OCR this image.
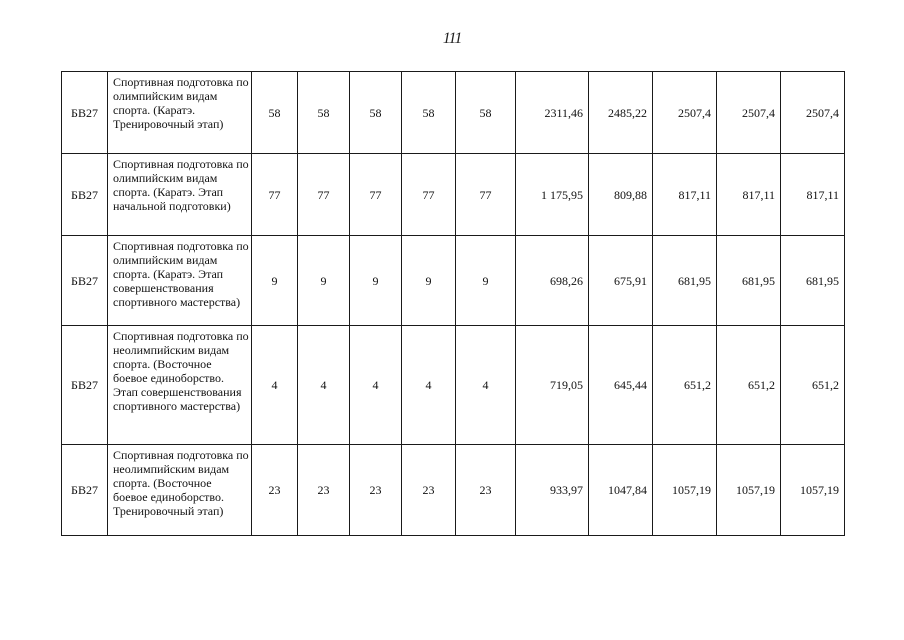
111
БВ27	Спортивная подготовка по олимпийским видам спорта. (Каратэ. Тренировочный этап)	58	58	58	58	58	2311,46	2485,22	2507,4	2507,4	2507,4
БВ27	Спортивная подготовка по олимпийским видам спорта. (Каратэ. Этап начальной подготовки)	77	77	77	77	77	1 175,95	809,88	817,11	817,11	817,11
БВ27	Спортивная подготовка по олимпийским видам спорта. (Каратэ. Этап совершенствования спортивного мастерства)	9	9	9	9	9	698,26	675,91	681,95	681,95	681,95
БВ27	Спортивная подготовка по неолимпийским видам спорта. (Восточное боевое единоборство. Этап совершенствования спортивного мастерства)	4	4	4	4	4	719,05	645,44	651,2	651,2	651,2
БВ27	Спортивная подготовка по неолимпийским видам спорта. (Восточное боевое единоборство. Тренировочный этап)	23	23	23	23	23	933,97	1047,84	1057,19	1057,19	1057,19
